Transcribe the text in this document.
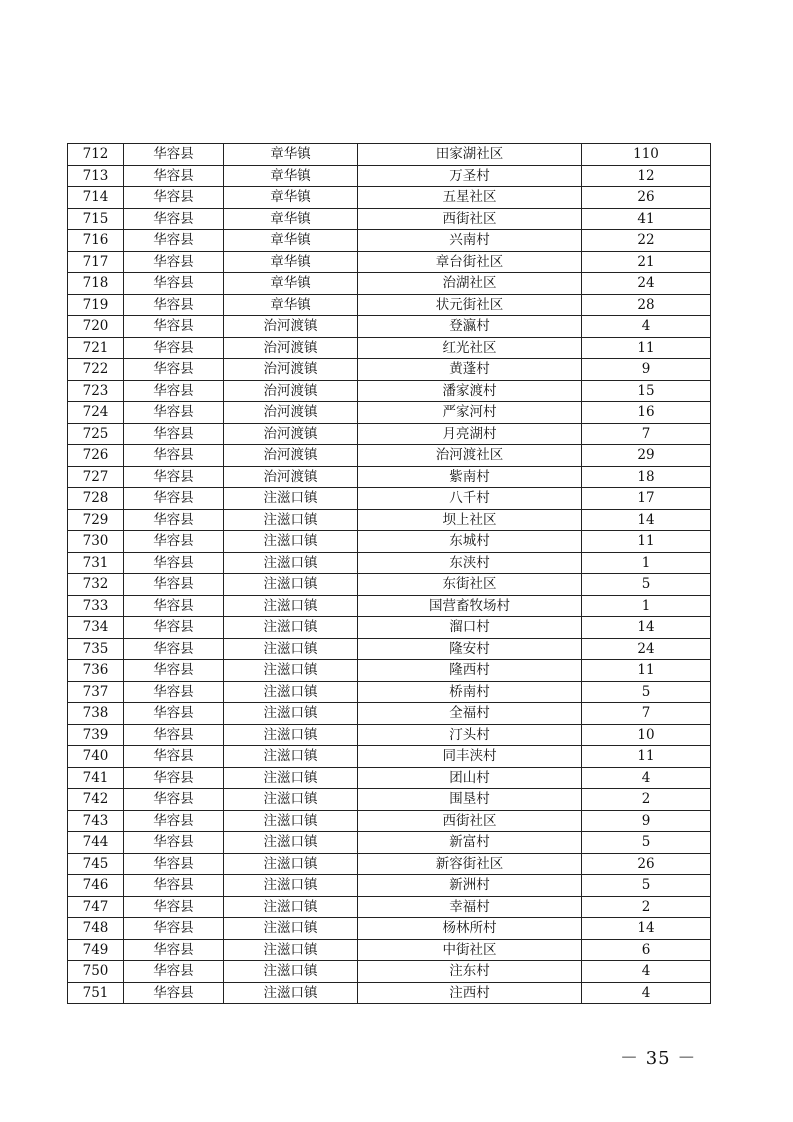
712	华容县	章华镇	田家湖社区	110
713	华容县	章华镇	万圣村	12
714	华容县	章华镇	五星社区	26
715	华容县	章华镇	西街社区	41
716	华容县	章华镇	兴南村	22
717	华容县	章华镇	章台街社区	21
718	华容县	章华镇	治湖社区	24
719	华容县	章华镇	状元街社区	28
720	华容县	治河渡镇	登瀛村	4
721	华容县	治河渡镇	红光社区	11
722	华容县	治河渡镇	黄蓬村	9
723	华容县	治河渡镇	潘家渡村	15
724	华容县	治河渡镇	严家河村	16
725	华容县	治河渡镇	月亮湖村	7
726	华容县	治河渡镇	治河渡社区	29
727	华容县	治河渡镇	紫南村	18
728	华容县	注滋口镇	八千村	17
729	华容县	注滋口镇	坝上社区	14
730	华容县	注滋口镇	东城村	11
731	华容县	注滋口镇	东浃村	1
732	华容县	注滋口镇	东街社区	5
733	华容县	注滋口镇	国营畜牧场村	1
734	华容县	注滋口镇	溜口村	14
735	华容县	注滋口镇	隆安村	24
736	华容县	注滋口镇	隆西村	11
737	华容县	注滋口镇	桥南村	5
738	华容县	注滋口镇	全福村	7
739	华容县	注滋口镇	汀头村	10
740	华容县	注滋口镇	同丰浃村	11
741	华容县	注滋口镇	团山村	4
742	华容县	注滋口镇	围垦村	2
743	华容县	注滋口镇	西街社区	9
744	华容县	注滋口镇	新富村	5
745	华容县	注滋口镇	新容街社区	26
746	华容县	注滋口镇	新洲村	5
747	华容县	注滋口镇	幸福村	2
748	华容县	注滋口镇	杨林所村	14
749	华容县	注滋口镇	中街社区	6
750	华容县	注滋口镇	注东村	4
751	华容县	注滋口镇	注西村	4
－ 35 －
